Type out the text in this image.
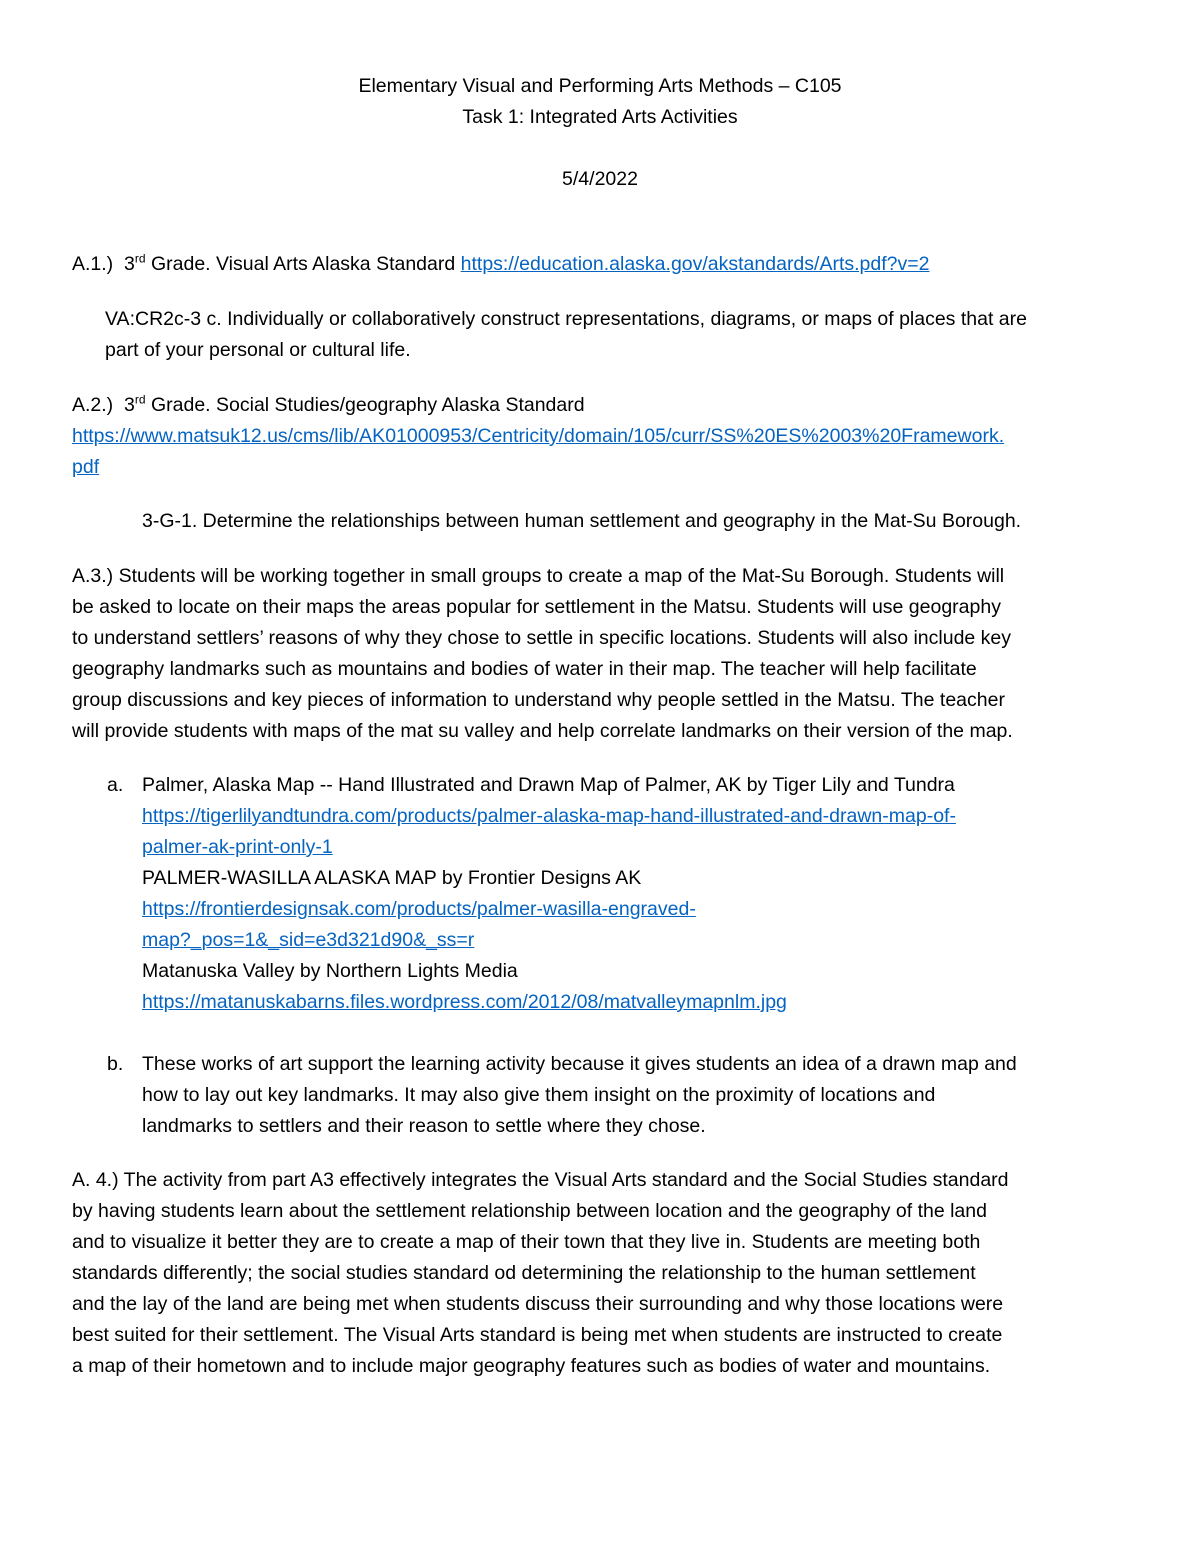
Elementary Visual and Performing Arts Methods – C105
Task 1: Integrated Arts Activities
5/4/2022
A.1.) 3rd Grade. Visual Arts Alaska Standard https://education.alaska.gov/akstandards/Arts.pdf?v=2
VA:CR2c-3 c. Individually or collaboratively construct representations, diagrams, or maps of places that are
part of your personal or cultural life.
A.2.) 3rd Grade. Social Studies/geography Alaska Standard
https://www.matsuk12.us/cms/lib/AK01000953/Centricity/domain/105/curr/SS%20ES%2003%20Framework.
pdf
3-G-1. Determine the relationships between human settlement and geography in the Mat-Su Borough.
A.3.) Students will be working together in small groups to create a map of the Mat-Su Borough. Students will
be asked to locate on their maps the areas popular for settlement in the Matsu. Students will use geography
to understand settlers’ reasons of why they chose to settle in specific locations. Students will also include key
geography landmarks such as mountains and bodies of water in their map. The teacher will help facilitate
group discussions and key pieces of information to understand why people settled in the Matsu. The teacher
will provide students with maps of the mat su valley and help correlate landmarks on their version of the map.
a. Palmer, Alaska Map -- Hand Illustrated and Drawn Map of Palmer, AK by Tiger Lily and Tundra
https://tigerlilyandtundra.com/products/palmer-alaska-map-hand-illustrated-and-drawn-map-of-
palmer-ak-print-only-1
PALMER-WASILLA ALASKA MAP by Frontier Designs AK
https://frontierdesignsak.com/products/palmer-wasilla-engraved-
map?_pos=1&_sid=e3d321d90&_ss=r
Matanuska Valley by Northern Lights Media
https://matanuskabarns.files.wordpress.com/2012/08/matvalleymapnlm.jpg
b. These works of art support the learning activity because it gives students an idea of a drawn map and
how to lay out key landmarks. It may also give them insight on the proximity of locations and
landmarks to settlers and their reason to settle where they chose.
A. 4.) The activity from part A3 effectively integrates the Visual Arts standard and the Social Studies standard
by having students learn about the settlement relationship between location and the geography of the land
and to visualize it better they are to create a map of their town that they live in. Students are meeting both
standards differently; the social studies standard od determining the relationship to the human settlement
and the lay of the land are being met when students discuss their surrounding and why those locations were
best suited for their settlement. The Visual Arts standard is being met when students are instructed to create
a map of their hometown and to include major geography features such as bodies of water and mountains.
